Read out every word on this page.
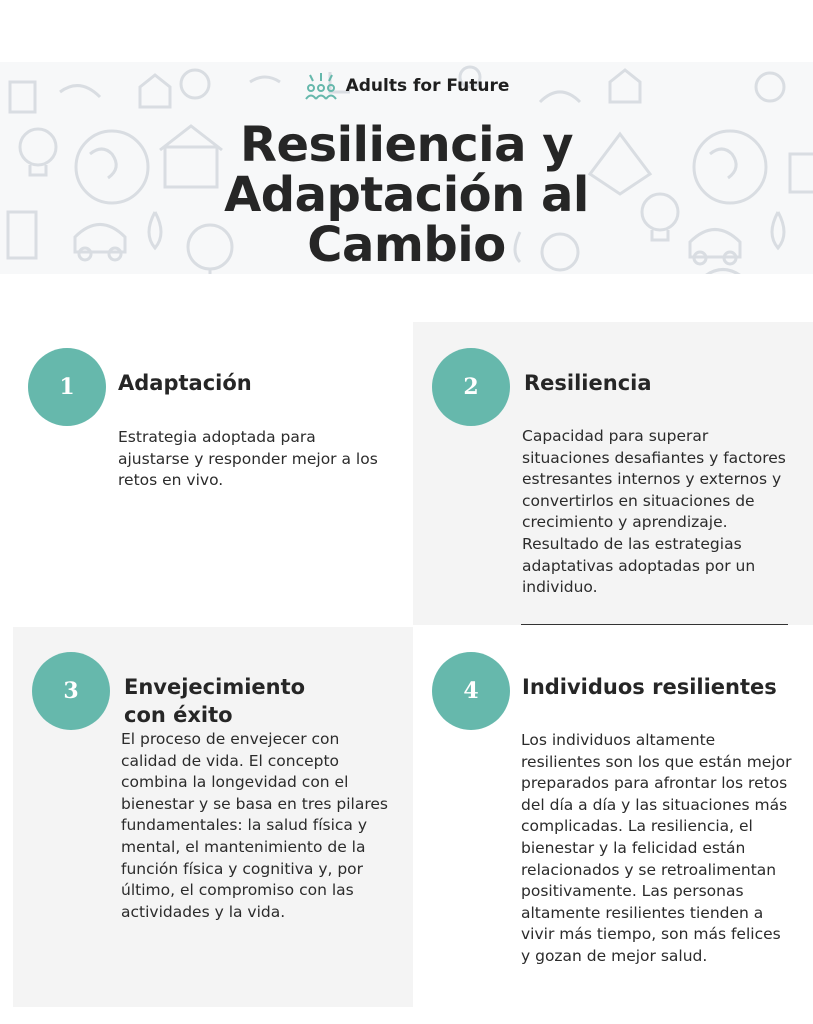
Adults for Future
Resiliencia y
Adaptación al
Cambio
1	Adaptación
Estrategia adoptada para ajustarse y responder mejor a los retos en vivo.
2	Resiliencia
Capacidad para superar situaciones desafiantes y factores estresantes internos y externos y convertirlos en situaciones de crecimiento y aprendizaje. Resultado de las estrategias adaptativas adoptadas por un individuo.
3	Envejecimiento con éxito
El proceso de envejecer con calidad de vida. El concepto combina la longevidad con el bienestar y se basa en tres pilares fundamentales: la salud física y mental, el mantenimiento de la función física y cognitiva y, por último, el compromiso con las actividades y la vida.
4	Individuos resilientes
Los individuos altamente resilientes son los que están mejor preparados para afrontar los retos del día a día y las situaciones más complicadas. La resiliencia, el bienestar y la felicidad están relacionados y se retroalimentan positivamente. Las personas altamente resilientes tienden a vivir más tiempo, son más felices y gozan de mejor salud.
